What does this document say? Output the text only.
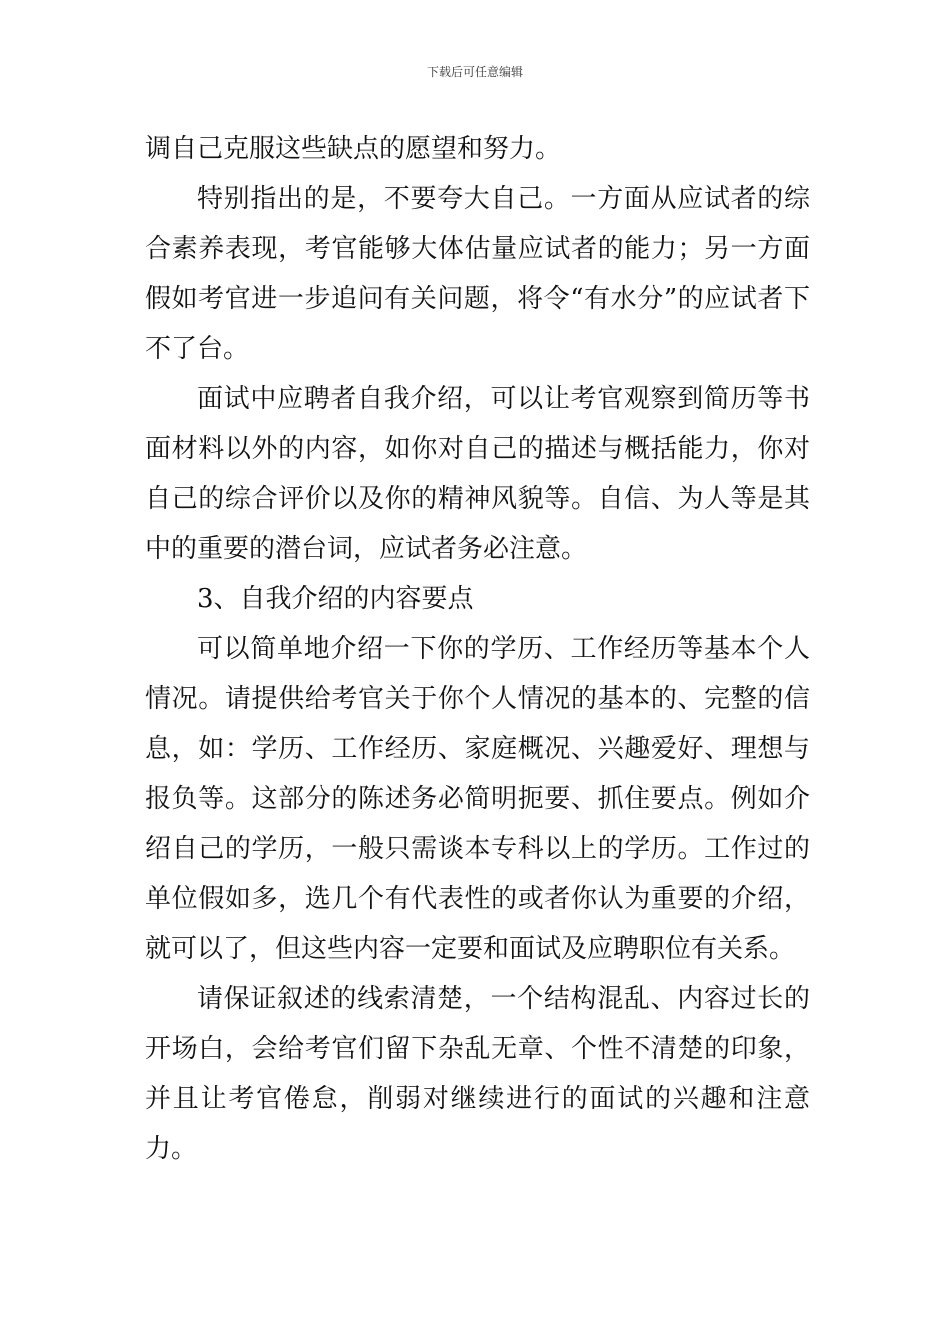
下载后可任意编辑

调自己克服这些缺点的愿望和努力。

特别指出的是，不要夸大自己。一方面从应试者的综合素养表现，考官能够大体估量应试者的能力；另一方面假如考官进一步追问有关问题，将令“有水分”的应试者下不了台。

面试中应聘者自我介绍，可以让考官观察到简历等书面材料以外的内容，如你对自己的描述与概括能力，你对自己的综合评价以及你的精神风貌等。自信、为人等是其中的重要的潜台词，应试者务必注意。

3、自我介绍的内容要点

可以简单地介绍一下你的学历、工作经历等基本个人情况。请提供给考官关于你个人情况的基本的、完整的信息，如：学历、工作经历、家庭概况、兴趣爱好、理想与报负等。这部分的陈述务必简明扼要、抓住要点。例如介绍自己的学历，一般只需谈本专科以上的学历。工作过的单位假如多，选几个有代表性的或者你认为重要的介绍，就可以了，但这些内容一定要和面试及应聘职位有关系。

请保证叙述的线索清楚，一个结构混乱、内容过长的开场白，会给考官们留下杂乱无章、个性不清楚的印象，并且让考官倦怠，削弱对继续进行的面试的兴趣和注意力。
